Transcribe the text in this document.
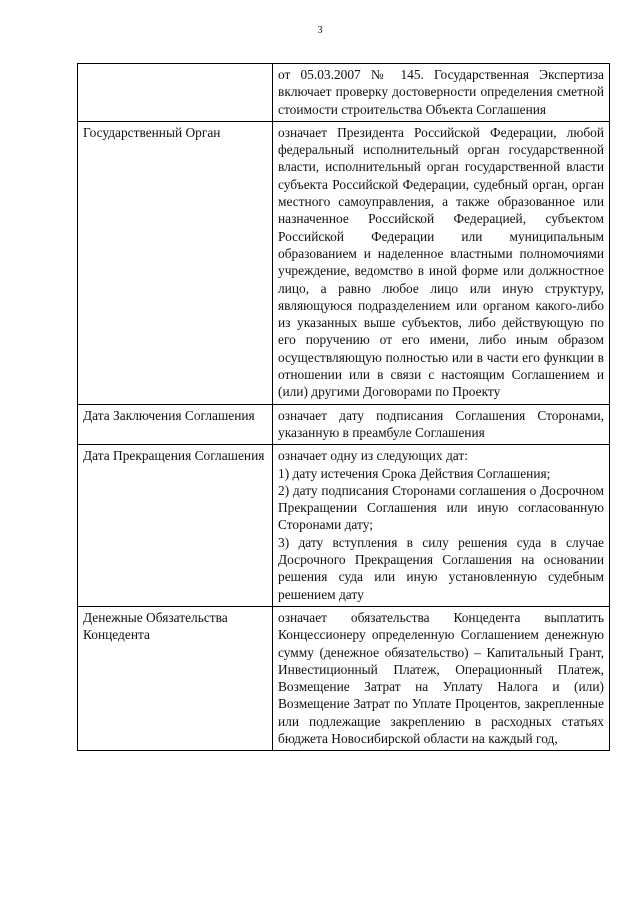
3

	от 05.03.2007 № 145. Государственная Экспертиза включает проверку достоверности определения сметной стоимости строительства Объекта Соглашения

Государственный Орган	означает Президента Российской Федерации, любой федеральный исполнительный орган государственной власти, исполнительный орган государственной власти субъекта Российской Федерации, судебный орган, орган местного самоуправления, а также образованное или назначенное Российской Федерацией, субъектом Российской Федерации или муниципальным образованием и наделенное властными полномочиями учреждение, ведомство в иной форме или должностное лицо, а равно любое лицо или иную структуру, являющуюся подразделением или органом какого-либо из указанных выше субъектов, либо действующую по его поручению от его имени, либо иным образом осуществляющую полностью или в части его функции в отношении или в связи с настоящим Соглашением и (или) другими Договорами по Проекту

Дата Заключения Соглашения	означает дату подписания Соглашения Сторонами, указанную в преамбуле Соглашения

Дата Прекращения Соглашения	означает одну из следующих дат:
1) дату истечения Срока Действия Соглашения;
2) дату подписания Сторонами соглашения о Досрочном Прекращении Соглашения или иную согласованную Сторонами дату;
3) дату вступления в силу решения суда в случае Досрочного Прекращения Соглашения на основании решения суда или иную установленную судебным решением дату

Денежные Обязательства Концедента	означает обязательства Концедента выплатить Концессионеру определенную Соглашением денежную сумму (денежное обязательство) – Капитальный Грант, Инвестиционный Платеж, Операционный Платеж, Возмещение Затрат на Уплату Налога и (или) Возмещение Затрат по Уплате Процентов, закрепленные или подлежащие закреплению в расходных статьях бюджета Новосибирской области на каждый год,
